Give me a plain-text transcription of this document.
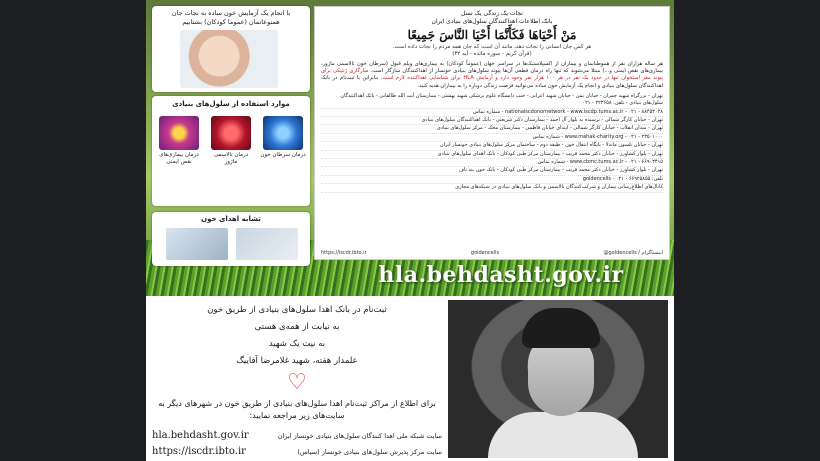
با انجام یک آزمایش خون ساده به نجات جان همنوعانمان (عموما کودکان) بشتابیم
موارد استفاده از سلول‌های بنیادی
درمان بیماری‌های نقص ایمنی
درمان تالاسمی ماژور
درمان سرطان خون
تشابه اهدای خون
نجات یک زندگی یک نسل
بانک اطلاعات اهداکنندگان سلول‌های بنیادی ایران
مَنْ أَحْيَاهَا فَكَأَنَّمَا أَحْيَا النَّاسَ جَمِيعًا
هر کس جان انسانی را نجات دهد، مانند آن است که جان همه مردم را نجات داده است.
(قرآن کریم - سوره مائده - آیه ۳۲)
هر ساله هزاران نفر از هموطنانمان و بیماران از اکسپلاستیک‌ها در سراسر جهان (عموماً کودکان) به بیماری‌های ویلم قبول (سرطان خون تالاسمی ماژور، بیماری‌های نقص ایمنی و...) مبتلا می‌شوند که تنها راه درمان قطعی آن‌ها پیوند سلول‌های بنیادی خونساز از اهداکنندگان سازگار است. سازگاری ژنتیکی برای پیوند مغز استخوان تنها در حدود یک نفر در هر ۱۰۰ هزار نفر وجود دارد و آزمایش HLA برای شناسایی اهداکننده لازم است. بنابراین با ثبت‌نام در بانک اهداکنندگان سلول‌های بنیادی و انجام یک آزمایش خون ساده می‌توانید فرصت زندگی دوباره را به بیماران هدیه کنید.
تهران - بزرگراه شهید چمران - خیابان یمن - خیابان شهید اعرابی - جنب دانشگاه علوم پزشکی شهید بهشتی - بیمارستان آیت الله طالقانی - بانک اهداکنندگان سلول‌های بنیادی - تلفن: ۲۲۳۶۵۸ - ۰۲۱
nationalscdonornetwork - www.iscdp.tums.ac.ir - ۰۲۱ - ۸۸۴۵۳۰۴۸ - شماره تماس
تهران - خیابان کارگر شمالی - نرسیده به بلوار آل احمد - بیمارستان دکتر شریعتی - بانک اهداکنندگان سلول‌های بنیادی
تهران - میدان انقلاب - خیابان کارگر شمالی - ابتدای خیابان فاطمی - بیمارستان محک - مرکز سلول‌های بنیادی
www.mahak-charity.org - ۰۲۱ - ۲۳۵۰۱۰۰۰ - شماره تماس
تهران - خیابان نلسون ماندلا - پایگاه انتقال خون - طبقه دوم - ساختمان مرکز سلول‌های بنیادی خونساز ایران
تهران - بلوار کشاورز - خیابان دکتر محمد قریب - بیمارستان مرکز طبی کودکان - بانک اهدای سلول‌های بنیادی
www.cbmc.tums.ac.ir - ۰۲۱ - ۶۶۹۰۳۴۱۵ - شماره تماس
تهران - بلوار کشاورز - خیابان دکتر محمد قریب - بیمارستان مرکز طبی کودکان - بانک خون بند ناف
تلفن: ۶۶۹۲۵۸۵۵ - ۰۲۱ · goldencells
کانال‌های اطلاع‌رسانی بیماران و شرکت‌کنندگان تالاسمی و بانک سلول‌های بنیادی در شبکه‌های مجازی
https://iscdr.ibto.ir	goldencells	@goldencells / اینستاگرام
hla.behdasht.gov.ir
ثبت‌نام در بانک اهدا سلول‌های بنیادی از طریق خون
به نیابت از همه‌ی هستی
به نیت یک شهید
علمدار هفته، شهید غلامرضا آقاییگ
♡
برای اطلاع از مراکز ثبت‌نام اهدا سلول‌های بنیادی از طریق خون در شهرهای دیگر به سایت‌های زیر مراجعه نمایید:
hla.behdasht.gov.ir	سایت شبکه ملی اهدا کنندگان سلول‌های بنیادی خونساز ایران
https://iscdr.ibto.ir	سایت مرکز پذیرش سلول‌های بنیادی خونساز (سیاس)
